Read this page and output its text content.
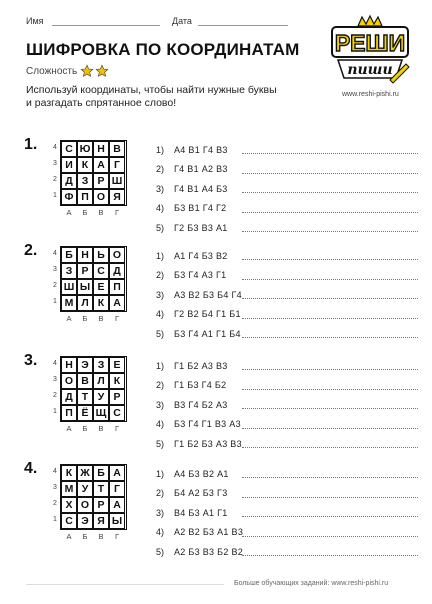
Имя	Дата
ШИФРОВКА ПО КООРДИНАТАМ
Сложность
Используй координаты, чтобы найти нужные буквы
и разгадать спрятанное слово!
РЕШИ
пиши
www.reshi-pishi.ru
1. 4
3
2
1
С Ю Н В
И К А Г
Д З Р Ш
Ф П О Я
А	Б	В	Г
1)	А4 В1 Г4 В3
2)	Г4 В1 А2 В3
3)	Г4 В1 А4 Б3
4)	Б3 В1 Г4 Г2
5)	Г2 Б3 В3 А1
2. 4
3
2
1
Б Н Ь О
З Р С Д
Ш Ы Е П
М Л К А
А	Б	В	Г
1)	А1 Г4 Б3 В2
2)	Б3 Г4 А3 Г1
3)	А3 В2 Б3 Б4 Г4
4)	Г2 В2 Б4 Г1 Б1
5)	Б3 Г4 А1 Г1 Б4
3. 4
3
2
1
Н Э З Е
О В Л К
Д Т У Р
П Ё Щ С
А	Б	В	Г
1)	Г1 Б2 А3 В3
2)	Г1 Б3 Г4 Б2
3)	В3 Г4 Б2 А3
4)	Б3 Г4 Г1 В3 А3
5)	Г1 Б2 Б3 А3 В3
4. 4
3
2
1
К Ж Б А
М У Т Г
Х О Р А
С Э Я Ы
А	Б	В	Г
1)	А4 Б3 В2 А1
2)	Б4 А2 Б3 Г3
3)	В4 Б3 А1 Г1
4)	А2 В2 Б3 А1 В3
5)	А2 Б3 В3 Б2 В2
Больше обучающих заданий: www.reshi-pishi.ru
